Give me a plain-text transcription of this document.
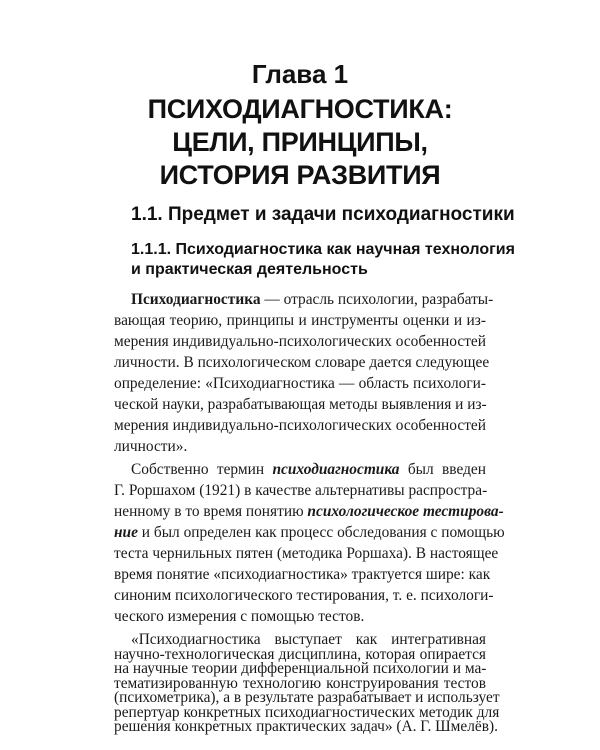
Глава 1
ПСИХОДИАГНОСТИКА:
ЦЕЛИ, ПРИНЦИПЫ,
ИСТОРИЯ РАЗВИТИЯ
1.1. Предмет и задачи психодиагностики
1.1.1. Психодиагностика как научная технология
и практическая деятельность
Психодиагностика — отрасль психологии, разрабаты-
вающая теорию, принципы и инструменты оценки и из-
мерения индивидуально-психологических особенностей
личности. В психологическом словаре дается следующее
определение: «Психодиагностика — область психологи-
ческой науки, разрабатывающая методы выявления и из-
мерения индивидуально-психологических особенностей
личности».
Собственно термин психодиагностика был введен
Г. Роршахом (1921) в качестве альтернативы распростра-
ненному в то время понятию психологическое тестирова-
ние и был определен как процесс обследования с помощью
теста чернильных пятен (методика Роршаха). В настоящее
время понятие «психодиагностика» трактуется шире: как
синоним психологического тестирования, т. е. психологи-
ческого измерения с помощью тестов.
«Психодиагностика выступает как интегративная
научно-технологическая дисциплина, которая опирается
на научные теории дифференциальной психологии и ма-
тематизированную технологию конструирования тестов
(психометрика), а в результате разрабатывает и использует
репертуар конкретных психодиагностических методик для
решения конкретных практических задач» (А. Г. Шмелёв).
